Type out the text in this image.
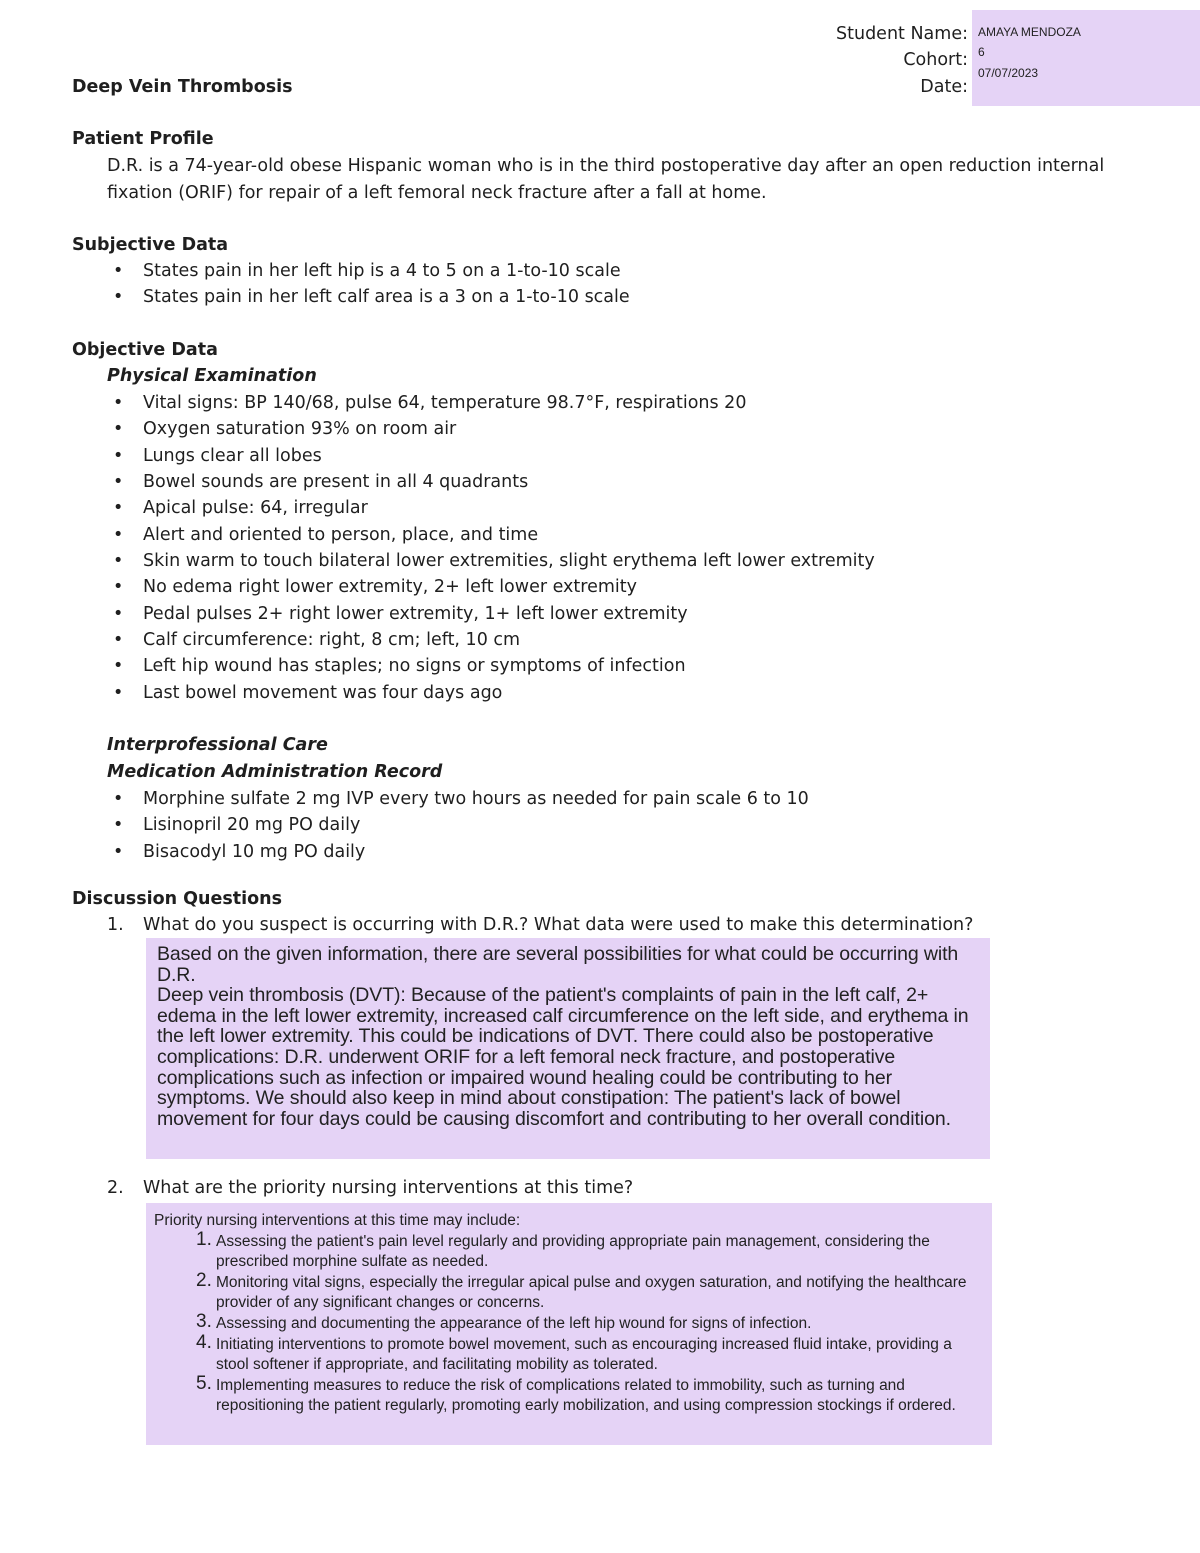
Student Name:
Cohort:
Date:
AMAYA MENDOZA
6
07/07/2023
Deep Vein Thrombosis
Patient Profile
D.R. is a 74-year-old obese Hispanic woman who is in the third postoperative day after an open reduction internal
fixation (ORIF) for repair of a left femoral neck fracture after a fall at home.
Subjective Data
• States pain in her left hip is a 4 to 5 on a 1-to-10 scale
• States pain in her left calf area is a 3 on a 1-to-10 scale
Objective Data
Physical Examination
• Vital signs: BP 140/68, pulse 64, temperature 98.7°F, respirations 20
• Oxygen saturation 93% on room air
• Lungs clear all lobes
• Bowel sounds are present in all 4 quadrants
• Apical pulse: 64, irregular
• Alert and oriented to person, place, and time
• Skin warm to touch bilateral lower extremities, slight erythema left lower extremity
• No edema right lower extremity, 2+ left lower extremity
• Pedal pulses 2+ right lower extremity, 1+ left lower extremity
• Calf circumference: right, 8 cm; left, 10 cm
• Left hip wound has staples; no signs or symptoms of infection
• Last bowel movement was four days ago
Interprofessional Care
Medication Administration Record
• Morphine sulfate 2 mg IVP every two hours as needed for pain scale 6 to 10
• Lisinopril 20 mg PO daily
• Bisacodyl 10 mg PO daily
Discussion Questions
1. What do you suspect is occurring with D.R.? What data were used to make this determination?

Based on the given information, there are several possibilities for what could be occurring with D.R.

Deep vein thrombosis (DVT): Because of the patient's complaints of pain in the left calf, 2+ edema in the left lower extremity, increased calf circumference on the left side, and erythema in the left lower extremity. This could be indications of DVT. There could also be postoperative complications: D.R. underwent ORIF for a left femoral neck fracture, and postoperative complications such as infection or impaired wound healing could be contributing to her symptoms. We should also keep in mind about constipation: The patient's lack of bowel movement for four days could be causing discomfort and contributing to her overall condition.

2. What are the priority nursing interventions at this time?

Priority nursing interventions at this time may include:

1. Assessing the patient's pain level regularly and providing appropriate pain management, considering the prescribed morphine sulfate as needed.
2. Monitoring vital signs, especially the irregular apical pulse and oxygen saturation, and notifying the healthcare provider of any significant changes or concerns.
3. Assessing and documenting the appearance of the left hip wound for signs of infection.
4. Initiating interventions to promote bowel movement, such as encouraging increased fluid intake, providing a stool softener if appropriate, and facilitating mobility as tolerated.
5. Implementing measures to reduce the risk of complications related to immobility, such as turning and repositioning the patient regularly, promoting early mobilization, and using compression stockings if ordered.
